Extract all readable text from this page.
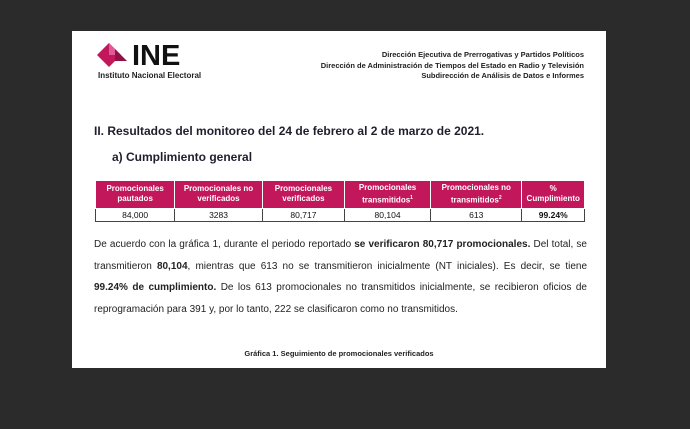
INE
Instituto Nacional Electoral
Dirección Ejecutiva de Prerrogativas y Partidos Políticos
Dirección de Administración de Tiempos del Estado en Radio y Televisión
Subdirección de Análisis de Datos e Informes
II. Resultados del monitoreo del 24 de febrero al 2 de marzo de 2021.
a) Cumplimiento general
Promocionales pautados	Promocionales no verificados	Promocionales verificados	Promocionales transmitidos$^1$	Promocionales no transmitidos$^2$	% Cumplimiento
84,000	3283	80,717	80,104	613	99.24%
De acuerdo con la gráfica 1, durante el periodo reportado se verificaron 80,717 promocionales. Del total, se transmitieron 80,104, mientras que 613 no se transmitieron inicialmente (NT iniciales). Es decir, se tiene 99.24% de cumplimiento. De los 613 promocionales no transmitidos inicialmente, se recibieron oficios de reprogramación para 391 y, por lo tanto, 222 se clasificaron como no transmitidos.
Gráfica 1. Seguimiento de promocionales verificados
